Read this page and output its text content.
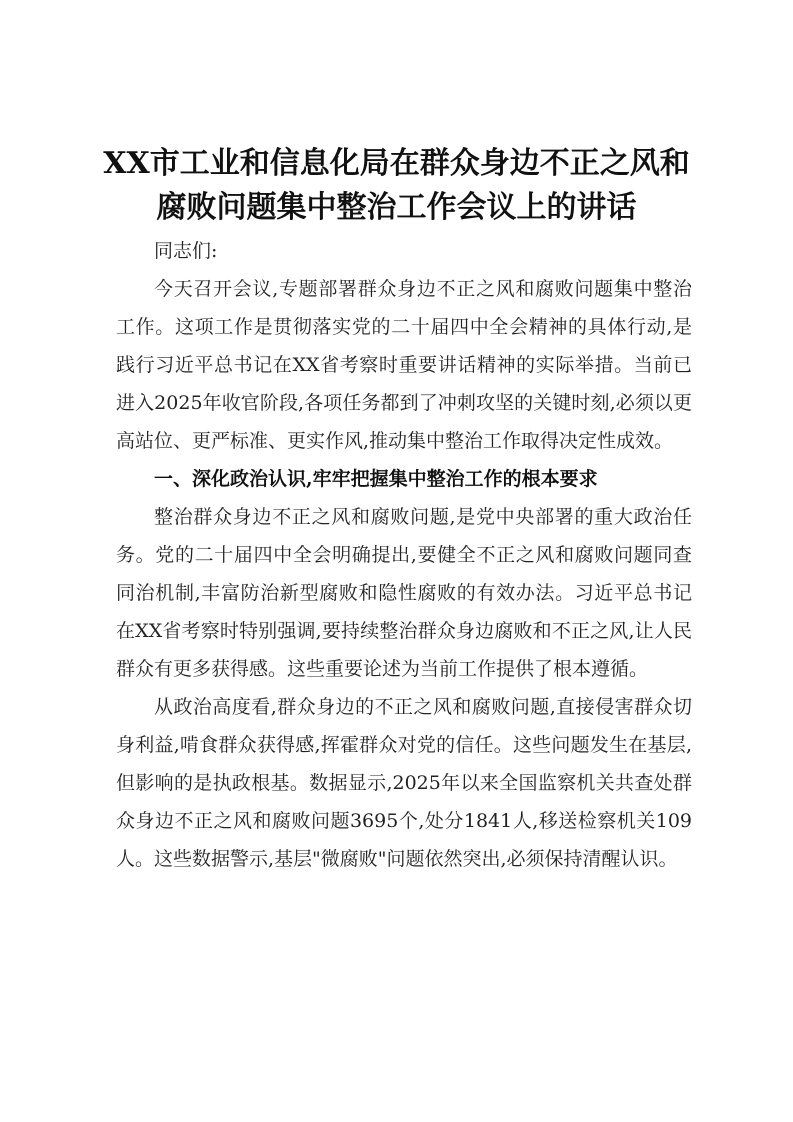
XX市工业和信息化局在群众身边不正之风和
腐败问题集中整治工作会议上的讲话

同志们:

今天召开会议,专题部署群众身边不正之风和腐败问题集中整治工作。这项工作是贯彻落实党的二十届四中全会精神的具体行动,是践行习近平总书记在XX省考察时重要讲话精神的实际举措。当前已进入2025年收官阶段,各项任务都到了冲刺攻坚的关键时刻,必须以更高站位、更严标准、更实作风,推动集中整治工作取得决定性成效。

一、深化政治认识,牢牢把握集中整治工作的根本要求

整治群众身边不正之风和腐败问题,是党中央部署的重大政治任务。党的二十届四中全会明确提出,要健全不正之风和腐败问题同查同治机制,丰富防治新型腐败和隐性腐败的有效办法。习近平总书记在XX省考察时特别强调,要持续整治群众身边腐败和不正之风,让人民群众有更多获得感。这些重要论述为当前工作提供了根本遵循。

从政治高度看,群众身边的不正之风和腐败问题,直接侵害群众切身利益,啃食群众获得感,挥霍群众对党的信任。这些问题发生在基层,但影响的是执政根基。数据显示,2025年以来全国监察机关共查处群众身边不正之风和腐败问题3695个,处分1841人,移送检察机关109人。这些数据警示,基层"微腐败"问题依然突出,必须保持清醒认识。
